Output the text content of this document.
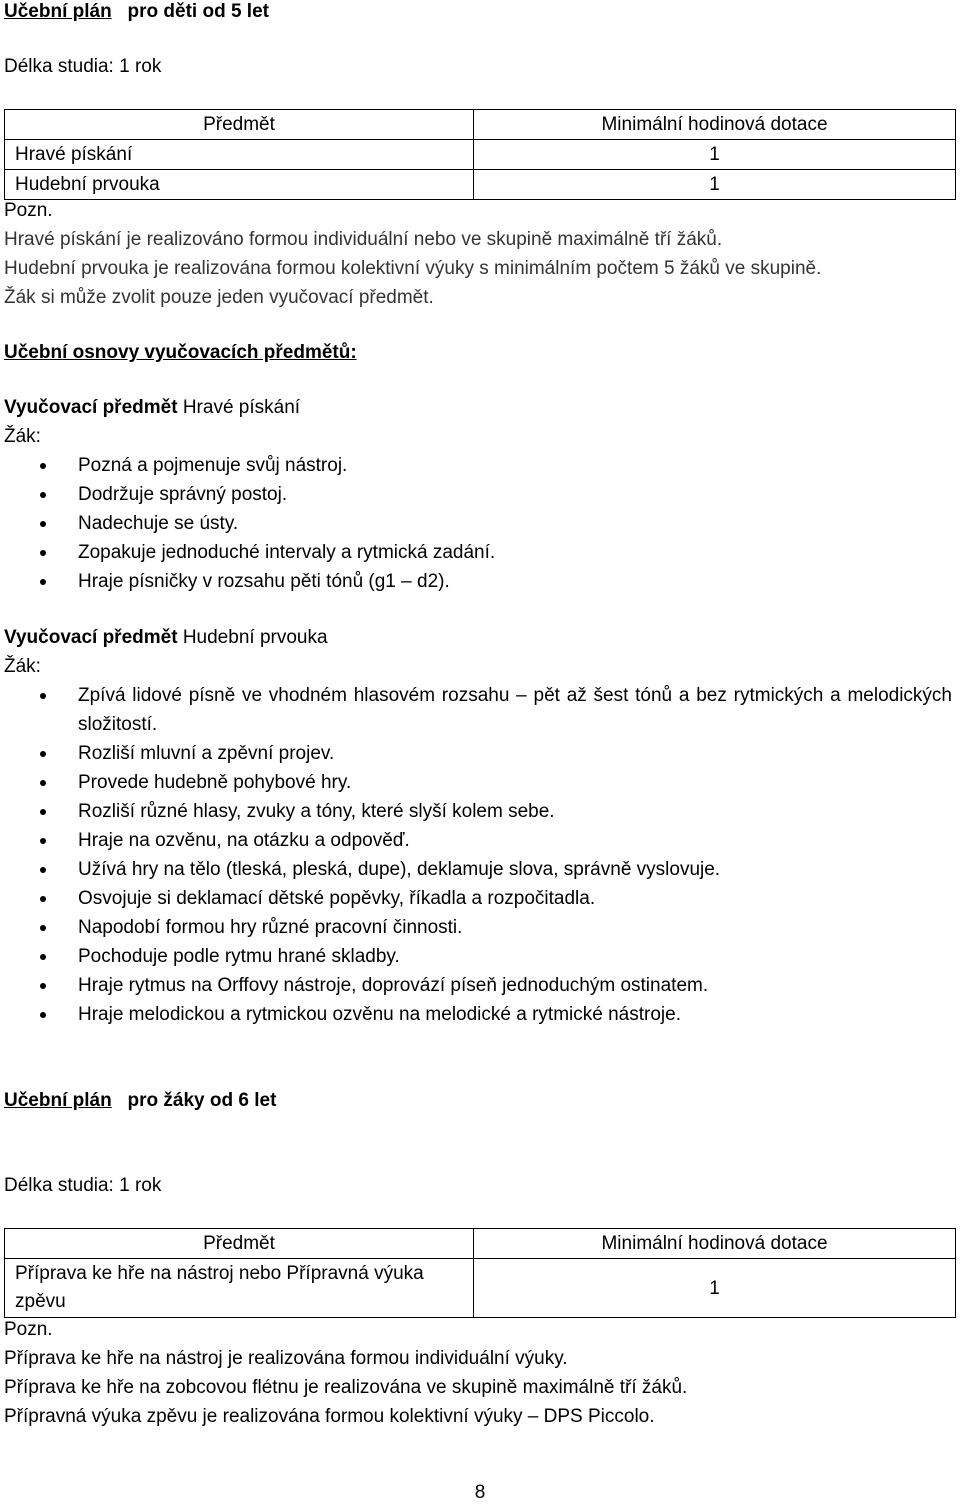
Učební plán pro děti od 5 let
Délka studia: 1 rok
Předmět	Minimální hodinová dotace
Hravé pískání	1
Hudební prvouka	1
Pozn.
Hravé pískání je realizováno formou individuální nebo ve skupině maximálně tří žáků.
Hudební prvouka je realizována formou kolektivní výuky s minimálním počtem 5 žáků ve skupině.
Žák si může zvolit pouze jeden vyučovací předmět.
Učební osnovy vyučovacích předmětů:
Vyučovací předmět Hravé pískání
Žák:
Pozná a pojmenuje svůj nástroj.
Dodržuje správný postoj.
Nadechuje se ústy.
Zopakuje jednoduché intervaly a rytmická zadání.
Hraje písničky v rozsahu pěti tónů (g1 – d2).
Vyučovací předmět Hudební prvouka
Žák:
Zpívá lidové písně ve vhodném hlasovém rozsahu – pět až šest tónů a bez rytmických a melodických složitostí.
Rozliší mluvní a zpěvní projev.
Provede hudebně pohybové hry.
Rozliší různé hlasy, zvuky a tóny, které slyší kolem sebe.
Hraje na ozvěnu, na otázku a odpověď.
Užívá hry na tělo (tleská, pleská, dupe), deklamuje slova, správně vyslovuje.
Osvojuje si deklamací dětské popěvky, říkadla a rozpočitadla.
Napodobí formou hry různé pracovní činnosti.
Pochoduje podle rytmu hrané skladby.
Hraje rytmus na Orffovy nástroje, doprovází píseň jednoduchým ostinatem.
Hraje melodickou a rytmickou ozvěnu na melodické a rytmické nástroje.
Učební plán pro žáky od 6 let
Délka studia: 1 rok
Předmět	Minimální hodinová dotace
Příprava ke hře na nástroj nebo Přípravná výuka zpěvu	1
Pozn.
Příprava ke hře na nástroj je realizována formou individuální výuky.
Příprava ke hře na zobcovou flétnu je realizována ve skupině maximálně tří žáků.
Přípravná výuka zpěvu je realizována formou kolektivní výuky – DPS Piccolo.
8
